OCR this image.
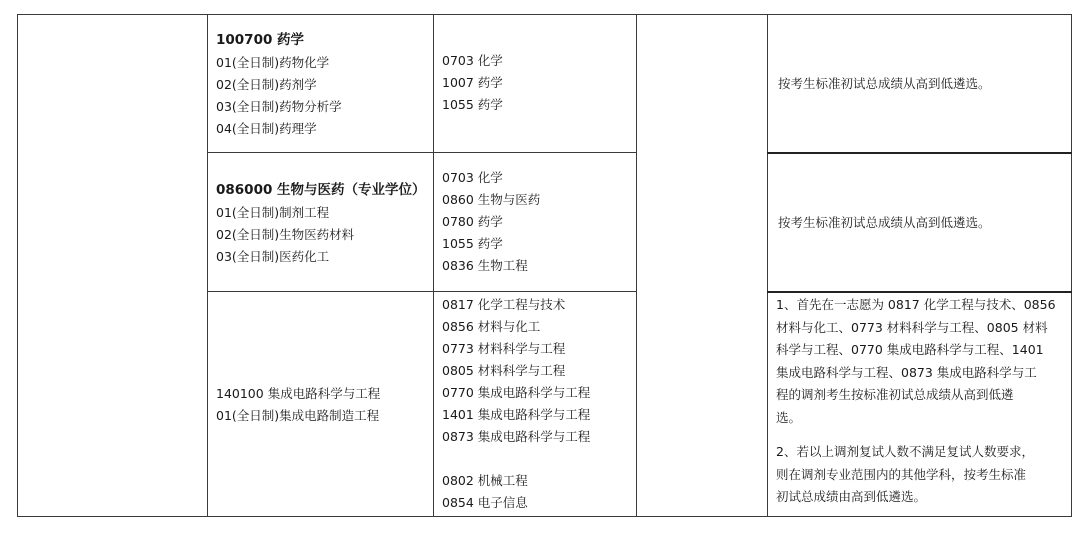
100700 药学
01(全日制)药物化学
02(全日制)药剂学
03(全日制)药物分析学
04(全日制)药理学
0703 化学
1007 药学
1055 药学
按考生标准初试总成绩从高到低遴选。
086000 生物与医药（专业学位）
01(全日制)制剂工程
02(全日制)生物医药材料
03(全日制)医药化工
0703 化学
0860 生物与医药
0780 药学
1055 药学
0836 生物工程
按考生标准初试总成绩从高到低遴选。
140100 集成电路科学与工程
01(全日制)集成电路制造工程
0817 化学工程与技术
0856 材料与化工
0773 材料科学与工程
0805 材料科学与工程
0770 集成电路科学与工程
1401 集成电路科学与工程
0873 集成电路科学与工程
0802 机械工程
0854 电子信息
1、首先在一志愿为 0817 化学工程与技术、0856
材料与化工、0773 材料科学与工程、0805 材料
科学与工程、0770 集成电路科学与工程、1401
集成电路科学与工程、0873 集成电路科学与工
程的调剂考生按标准初试总成绩从高到低遴
选。
2、若以上调剂复试人数不满足复试人数要求，
则在调剂专业范围内的其他学科，按考生标准
初试总成绩由高到低遴选。
